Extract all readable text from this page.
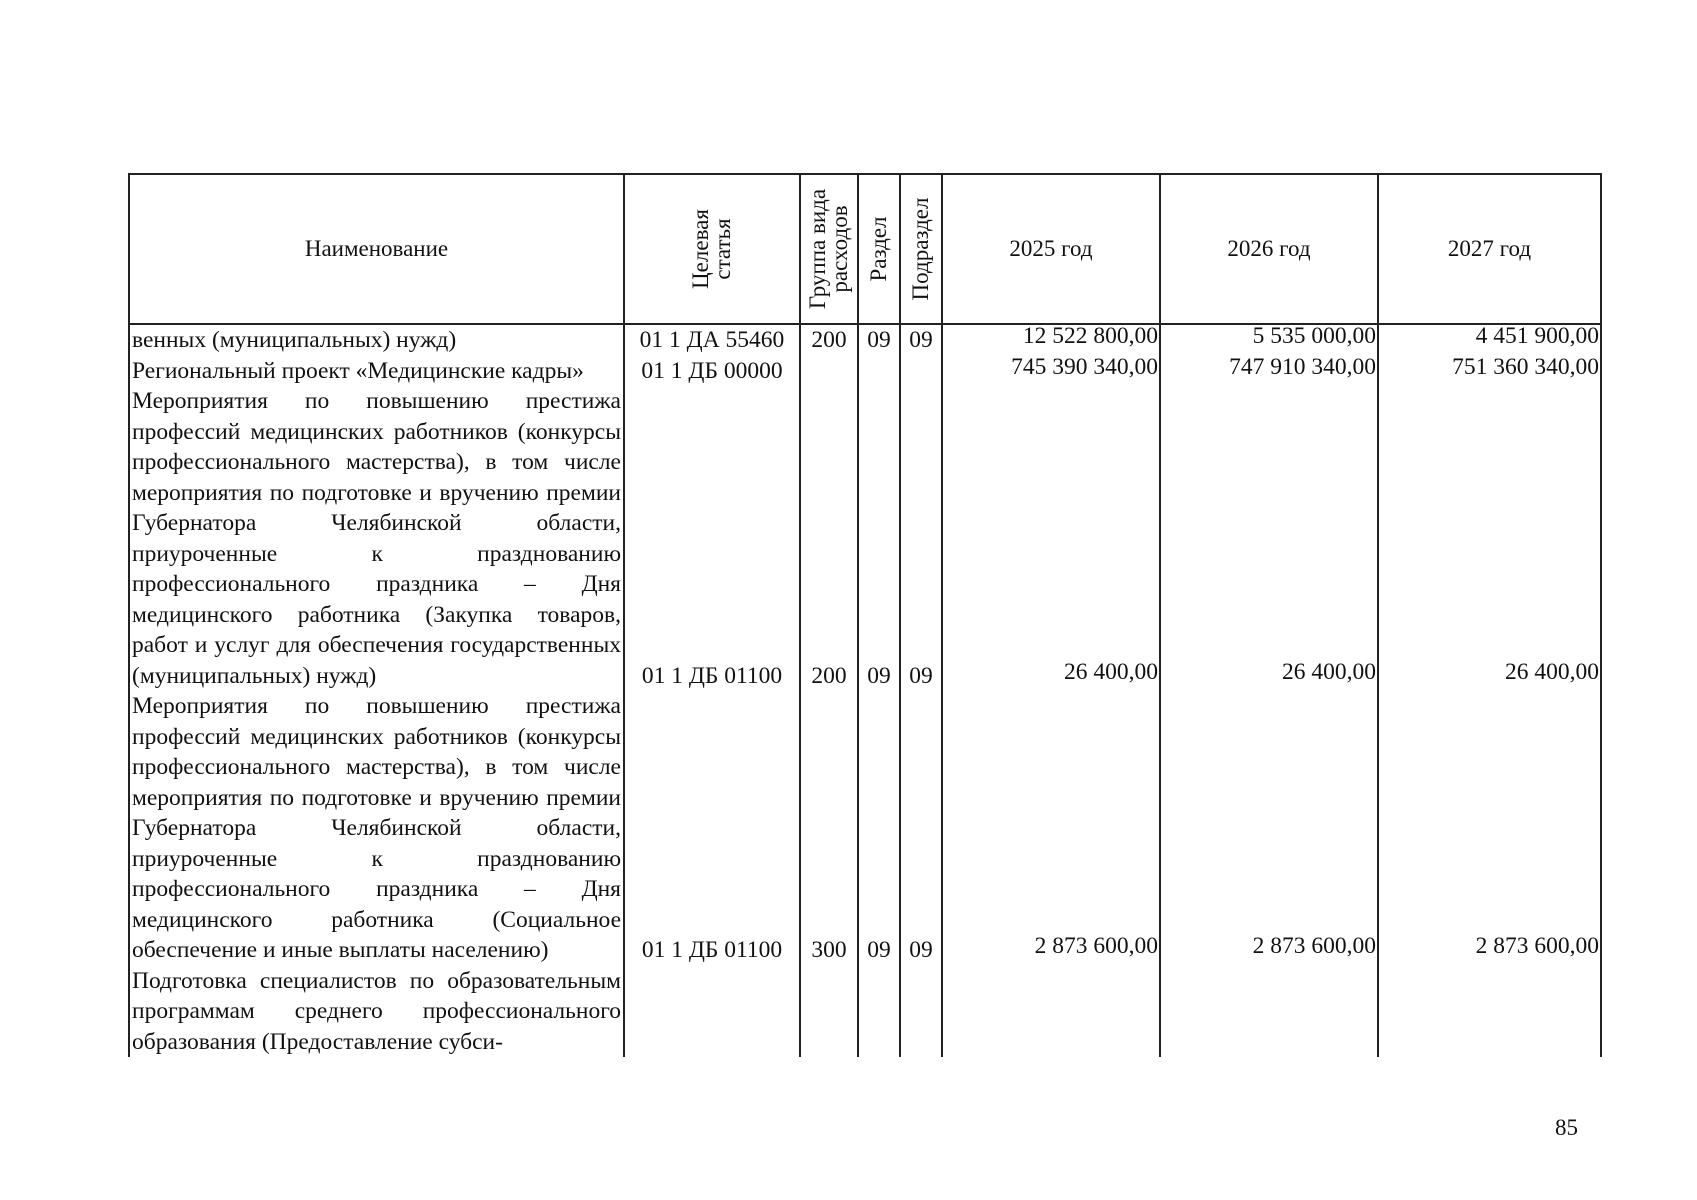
Наименование	Целевая статья	Группа вида расходов	Раздел	Подраздел	2025 год	2026 год	2027 год
венных (муниципальных) нужд)	01 1 ДА 55460	200	09	09	12 522 800,00	5 535 000,00	4 451 900,00
Региональный проект «Медицинские кадры»	01 1 ДБ 00000				745 390 340,00	747 910 340,00	751 360 340,00
Мероприятия по повышению престижа профессий медицинских работников (конкурсы профессионального мастерства), в том числе мероприятия по подготовке и вручению премии Губернатора Челябинской области, приуроченные к празднованию профессионального праздника – Дня медицинского работника (Закупка товаров, работ и услуг для обеспечения государственных (муниципальных) нужд)	01 1 ДБ 01100	200	09	09	26 400,00	26 400,00	26 400,00
Мероприятия по повышению престижа профессий медицинских работников (конкурсы профессионального мастерства), в том числе мероприятия по подготовке и вручению премии Губернатора Челябинской области, приуроченные к празднованию профессионального праздника – Дня медицинского работника (Социальное обеспечение и иные выплаты населению)	01 1 ДБ 01100	300	09	09	2 873 600,00	2 873 600,00	2 873 600,00
Подготовка специалистов по образовательным программам среднего профессионального образования (Предоставление субси-							
85
